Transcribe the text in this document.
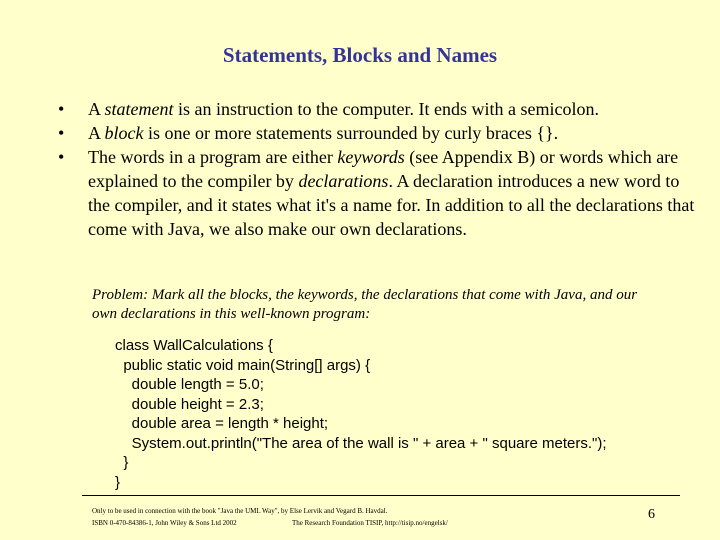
Statements, Blocks and Names
• A statement is an instruction to the computer. It ends with a semicolon.
• A block is one or more statements surrounded by curly braces {}.
• The words in a program are either keywords (see Appendix B) or words which are explained to the compiler by declarations. A declaration introduces a new word to the compiler, and it states what it's a name for. In addition to all the declarations that come with Java, we also make our own declarations.
Problem: Mark all the blocks, the keywords, the declarations that come with Java, and our own declarations in this well-known program:
class WallCalculations {
public static void main(String[] args) {
double length = 5.0;
double height = 2.3;
double area = length * height;
System.out.println("The area of the wall is " + area + " square meters.");
}
}
Only to be used in connection with the book "Java the UML Way", by Else Lervik and Vegard B. Havdal.
ISBN 0-470-84386-1, John Wiley & Sons Ltd 2002	The Research Foundation TISIP, http://tisip.no/engelsk/
6
